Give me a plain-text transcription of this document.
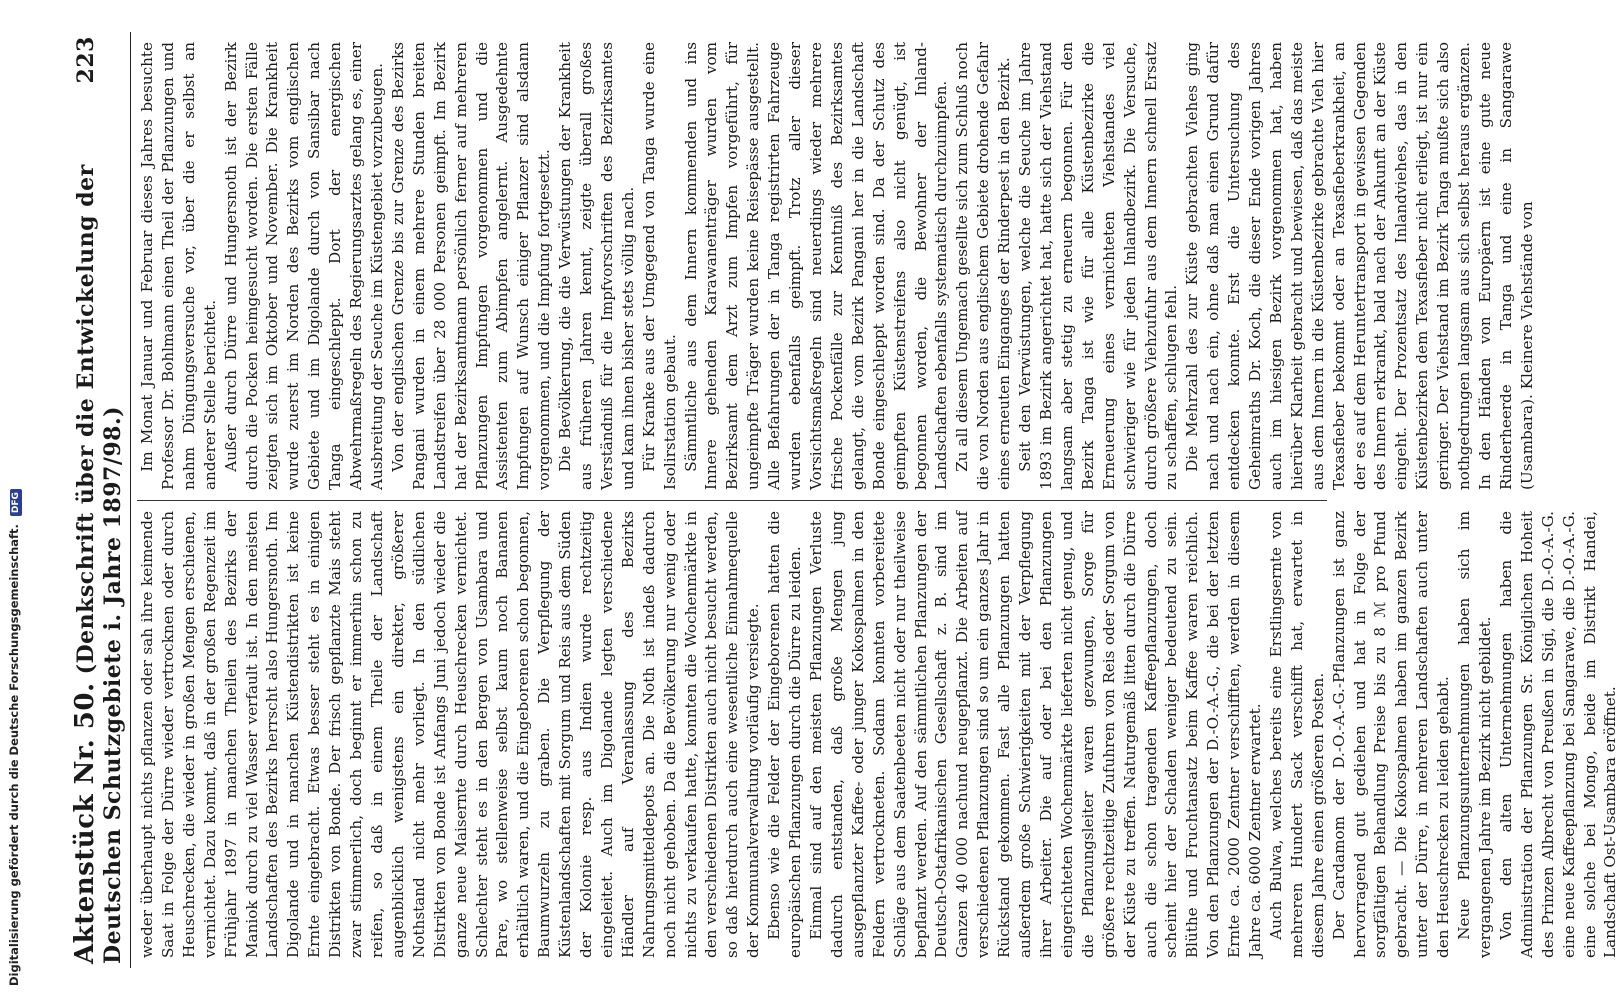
Aktenstück Nr. 50. (Denkschrift über die Entwickelung der Deutschen Schutzgebiete i. Jahre 1897/98.)
223

weder überhaupt nichts pflanzen oder sah ihre keimende Saat in Folge der Dürre wieder vertrocknen oder durch Heuschrecken, die wieder in großen Mengen erschienen, vernichtet. Dazu kommt, daß in der großen Regenzeit im Frühjahr 1897 in manchen Theilen des Bezirks der Maniok durch zu viel Wasser verfault ist. In den meisten Landschaften des Bezirks herrscht also Hungersnoth. Im Digolande und in manchen Küstendistrikten ist keine Ernte eingebracht. Etwas besser steht es in einigen Distrikten von Bonde. Der frisch gepflanzte Mais steht zwar stimmerlich, doch beginnt er immerhin schon zu reifen, so daß in einem Theile der Landschaft augenblicklich wenigstens ein direkter, größerer Nothstand nicht mehr vorliegt. In den südlichen Distrikten von Bonde ist Anfangs Juni jedoch wieder die ganze neue Maisernte durch Heuschrecken vernichtet. Schlechter steht es in den Bergen von Usambara und Pare, wo stellenweise selbst kaum noch Bananen erhältlich waren, und die Eingeborenen schon begonnen, Baumwurzeln zu graben. Die Verpflegung der Küstenlandschaften mit Sorgum und Reis aus dem Süden der Kolonie resp. aus Indien wurde rechtzeitig eingeleitet. Auch im Digolande legten verschiedene Händler auf Veranlassung des Bezirks Nahrungsmitteldepots an. Die Noth ist indeß dadurch noch nicht gehoben. Da die Bevölkerung nur wenig oder nichts zu verkaufen hatte, konnten die Wochenmärkte in den verschiedenen Distrikten auch nicht besucht werden, so daß hierdurch auch eine wesentliche Einnahmequelle der Kommunalverwaltung vorläufig versiegte. Ebenso wie die Felder der Eingeborenen hatten die europäischen Pflanzungen durch die Dürre zu leiden. Einmal sind auf den meisten Pflanzungen Verluste dadurch entstanden, daß große Mengen jung ausgepflanzter Kaffee- oder junger Kokospalmen in den Feldern vertrockneten. Sodann konnten vorbereitete Schläge aus dem Saatenbeeten nicht oder nur theilweise bepflanzt werden. Auf den sämmtlichen Pflanzungen der Deutsch-Ostafrikanischen Gesellschaft z. B. sind im Ganzen 40 000 nachund neugepflanzt. Die Arbeiten auf verschiedenen Pflanzungen sind so um ein ganzes Jahr in Rückstand gekommen. Fast alle Pflanzungen hatten außerdem große Schwierigkeiten mit der Verpflegung ihrer Arbeiter. Die auf oder bei den Pflanzungen eingerichteten Wochenmärkte lieferten nicht genug, und die Pflanzungsleiter waren gezwungen, Sorge für größere rechtzeitige Zufuhren von Reis oder Sorgum von der Küste zu treffen. Naturgemäß litten durch die Dürre auch die schon tragenden Kaffeepflanzungen, doch scheint hier der Schaden weniger bedeutend zu sein. Blüthe und Fruchtansatz beim Kaffee waren reichlich. Von den Pflanzungen der D.-O.-A.-G., die bei der letzten Ernte ca. 2000 Zentner verschifften, werden in diesem Jahre ca. 6000 Zentner erwartet. Auch Bulwa, welches bereits eine Erstlingsernte von mehreren Hundert Sack verschifft hat, erwartet in diesem Jahre einen größeren Posten. Der Cardamom der D.-O.-A.-G.-Pflanzungen ist ganz hervorragend gut gediehen und hat in Folge der sorgfältigen Behandlung Preise bis zu 8 ℳ pro Pfund gebracht. — Die Kokospalmen haben im ganzen Bezirk unter der Dürre, in mehreren Landschaften auch unter den Heuschrecken zu leiden gehabt. Neue Pflanzungsunternehmungen haben sich im vergangenen Jahre im Bezirk nicht gebildet. Von den alten Unternehmungen haben die Administration der Pflanzungen Sr. Königlichen Hoheit des Prinzen Albrecht von Preußen in Sigi, die D.-O.-A.-G. eine neue Kaffeepflanzung bei Sangarawe, die D.-O.-A.-G. eine solche bei Mongo, beide im Distrikt Handei, Landschaft Ost-Usambara eröffnet.

Im Monat Januar und Februar dieses Jahres besuchte Professor Dr. Bohlmann einen Theil der Pflanzungen und nahm Düngungsversuche vor, über die er selbst an anderer Stelle berichtet. Außer durch Dürre und Hungersnoth ist der Bezirk durch die Pocken heimgesucht worden. Die ersten Fälle zeigten sich im Oktober und November. Die Krankheit wurde zuerst im Norden des Bezirks vom englischen Gebiete und im Digolande durch von Sansibar nach Tanga eingeschleppt. Dort der energischen Abwehrmaßregeln des Regierungsarztes gelang es, einer Ausbreitung der Seuche im Küstengebiet vorzubeugen. Von der englischen Grenze bis zur Grenze des Bezirks Pangani wurden in einem mehrere Stunden breiten Landstreifen über 28 000 Personen geimpft. Im Bezirk hat der Bezirksamtmann persönlich ferner auf mehreren Pflanzungen Impfungen vorgenommen und die Assistenten zum Abimpfen angelernt. Ausgedehnte Impfungen auf Wunsch einiger Pflanzer sind alsdann vorgenommen, und die Impfung fortgesetzt. Die Bevölkerung, die die Verwüstungen der Krankheit aus früheren Jahren kennt, zeigte überall großes Verständniß für die Impfvorschriften des Bezirksamtes und kam ihnen bisher stets völlig nach. Für Kranke aus der Umgegend von Tanga wurde eine Isolirstation gebaut. Sämmtliche aus dem Innern kommenden und ins Innere gehenden Karawanenträger wurden vom Bezirksamt dem Arzt zum Impfen vorgeführt, für ungeimpfte Träger wurden keine Reisepässe ausgestellt. Alle Befahrungen der in Tanga registrirten Fahrzeuge wurden ebenfalls geimpft. Trotz aller dieser Vorsichtsmaßregeln sind neuerdings wieder mehrere frische Pockenfälle zur Kenntniß des Bezirksamtes gelangt, die vom Bezirk Pangani her in die Landschaft Bonde eingeschleppt worden sind. Da der Schutz des geimpften Küstenstreifens also nicht genügt, ist begonnen worden, die Bewohner der Inland-Landschaften ebenfalls systematisch durchzuimpfen. Zu all diesem Ungemach gesellte sich zum Schluß noch die von Norden aus englischem Gebiete drohende Gefahr eines erneuten Einganges der Rinderpest in den Bezirk. Seit den Verwüstungen, welche die Seuche im Jahre 1893 im Bezirk angerichtet hat, hatte sich der Viehstand langsam aber stetig zu erneuern begonnen. Für den Bezirk Tanga ist wie für alle Küstenbezirke die Erneuerung eines vernichteten Viehstandes viel schwieriger wie für jeden Inlandbezirk. Die Versuche, durch größere Viehzufuhr aus dem Innern schnell Ersatz zu schaffen, schlugen fehl. Die Mehrzahl des zur Küste gebrachten Viehes ging nach und nach ein, ohne daß man einen Grund dafür entdecken konnte. Erst die Untersuchung des Geheimraths Dr. Koch, die dieser Ende vorigen Jahres auch im hiesigen Bezirk vorgenommen hat, haben hierüber Klarheit gebracht und bewiesen, daß das meiste aus dem Innern in die Küstenbezirke gebrachte Vieh hier Texasfieber bekommt oder an Texasfieberkrankheit, an der es auf dem Heruntertransport in gewissen Gegenden des Innern erkrankt, bald nach der Ankunft an der Küste eingeht. Der Prozentsatz des Inlandviehes, das in den Küstenbezirken dem Texasfieber nicht erliegt, ist nur ein geringer. Der Viehstand im Bezirk Tanga mußte sich also nothgedrungen langsam aus sich selbst heraus ergänzen. In den Händen von Europäern ist eine gute neue Rinderheerde in Tanga und eine in Sangarawe (Usambara). Kleinere Viehstände von

Digitalisierung gefördert durch die Deutsche Forschungsgemeinschaft. DFG
